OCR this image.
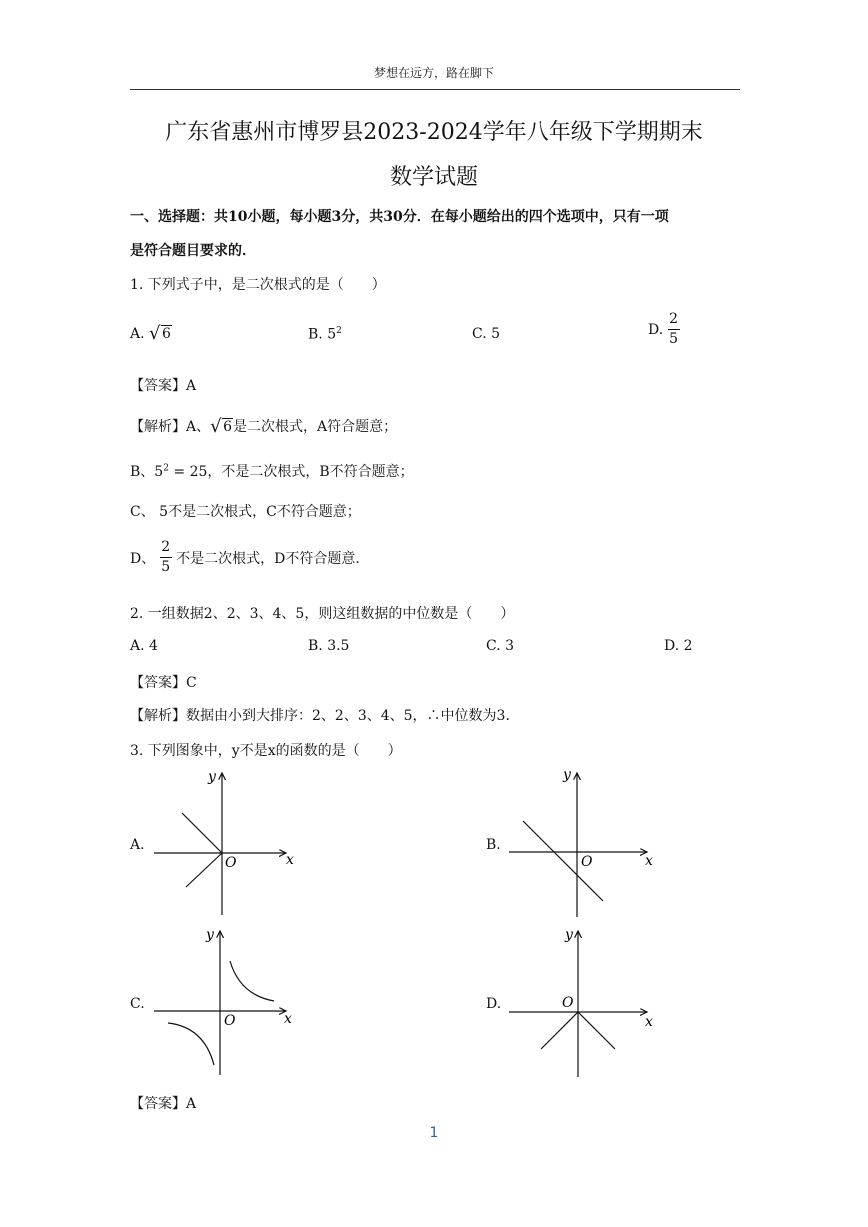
梦想在远方，路在脚下
广东省惠州市博罗县2023-2024学年八年级下学期期末
数学试题
一、选择题：共10小题，每小题3分，共30分．在每小题给出的四个选项中，只有一项
是符合题目要求的．
1. 下列式子中，是二次根式的是（　　）
A. √ 6	B. $5^2$	C. 5	D. $\frac{2}{5}$
【答案】A
【解析】A、 √ 6是二次根式，A符合题意；
B、$5^2 = 25$，不是二次根式，B不符合题意；
C、 5不是二次根式，C不符合题意；
D、 $\frac{2}{5}$ 不是二次根式，D不符合题意．
2. 一组数据2、2、3、4、5，则这组数据的中位数是（　　）
A. 4	B. 3.5	C. 3	D. 2
【答案】C
【解析】数据由小到大排序：2、2、3、4、5，∴中位数为3．
3. 下列图象中，y不是x的函数的是（　　）
A.
x
y
O
B.
x
y
O
C.
x
y
O
D.
x
y
O
【答案】A
1
